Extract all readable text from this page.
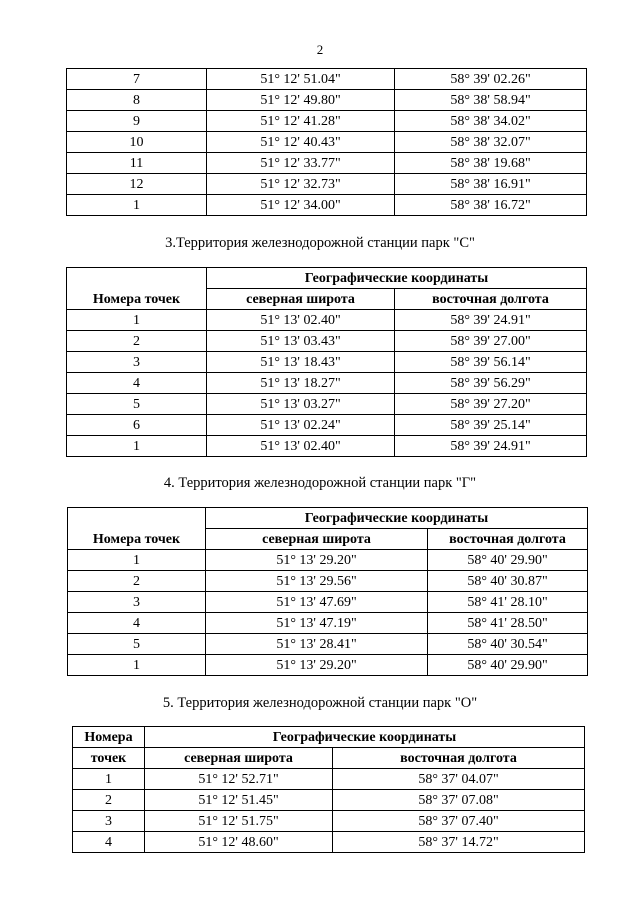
2
7	51° 12' 51.04"	58° 39' 02.26"
8	51° 12' 49.80"	58° 38' 58.94"
9	51° 12' 41.28"	58° 38' 34.02"
10	51° 12' 40.43"	58° 38' 32.07"
11	51° 12' 33.77"	58° 38' 19.68"
12	51° 12' 32.73"	58° 38' 16.91"
1	51° 12' 34.00"	58° 38' 16.72"
3.Территория железнодорожной станции парк "С"
Номера точек	Географические координаты	
	северная широта	восточная долгота
1	51° 13' 02.40"	58° 39' 24.91"
2	51° 13' 03.43"	58° 39' 27.00"
3	51° 13' 18.43"	58° 39' 56.14"
4	51° 13' 18.27"	58° 39' 56.29"
5	51° 13' 03.27"	58° 39' 27.20"
6	51° 13' 02.24"	58° 39' 25.14"
1	51° 13' 02.40"	58° 39' 24.91"
4. Территория железнодорожной станции парк "Г"
Номера точек	Географические координаты	
	северная широта	восточная долгота
1	51° 13' 29.20"	58° 40' 29.90"
2	51° 13' 29.56"	58° 40' 30.87"
3	51° 13' 47.69"	58° 41' 28.10"
4	51° 13' 47.19"	58° 41' 28.50"
5	51° 13' 28.41"	58° 40' 30.54"
1	51° 13' 29.20"	58° 40' 29.90"
5. Территория железнодорожной станции парк "О"
Номера	Географические координаты	
точек	северная широта	восточная долгота
1	51° 12' 52.71"	58° 37' 04.07"
2	51° 12' 51.45"	58° 37' 07.08"
3	51° 12' 51.75"	58° 37' 07.40"
4	51° 12' 48.60"	58° 37' 14.72"
